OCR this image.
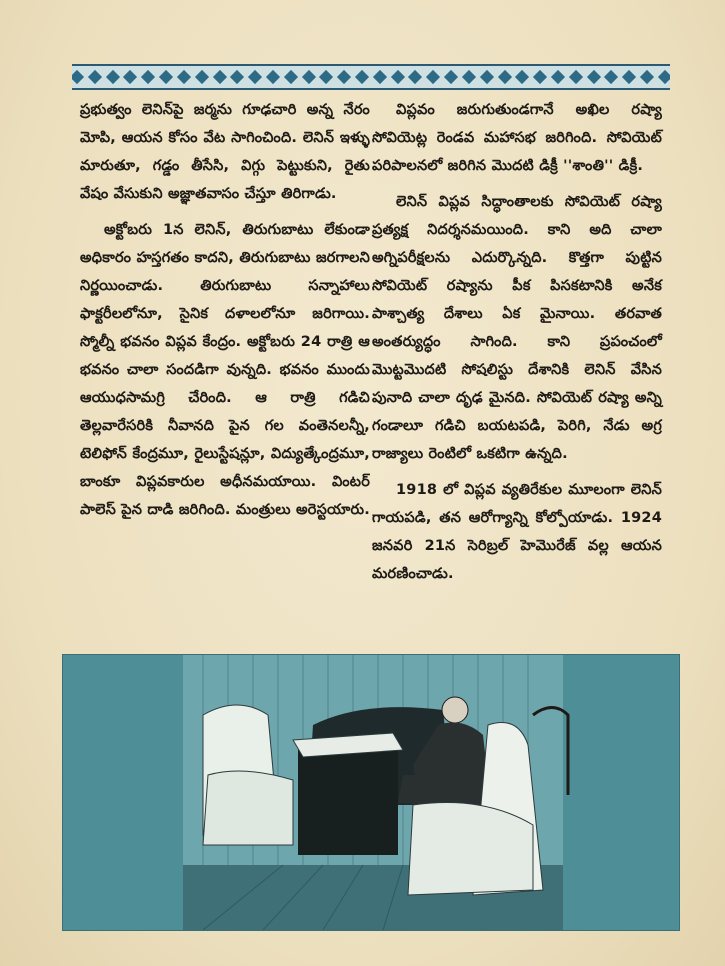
ప్రభుత్వం లెనిన్‌పై జర్మను గూఢచారి అన్న నేరం మోపి, ఆయన కోసం వేట సాగించింది. లెనిన్ ఇళ్ళు మారుతూ, గడ్డం తీసేసి, విగ్గు పెట్టుకుని, రైతు వేషం వేసుకుని అజ్ఞాతవాసం చేస్తూ తిరిగాడు.

అక్టోబరు 1న లెనిన్, తిరుగుబాటు లేకుండా అధికారం హస్తగతం కాదని, తిరుగుబాటు జరగాలని నిర్ణయించాడు. తిరుగుబాటు సన్నాహాలు ఫాక్టరీలలోనూ, సైనిక దళాలలోనూ జరిగాయి. స్మోల్నీ భవనం విప్లవ కేంద్రం. అక్టోబరు 24 రాత్రి ఆ భవనం చాలా సందడిగా వున్నది. భవనం ముందు ఆయుధసామగ్రి చేరింది. ఆ రాత్రి గడిచి తెల్లవారేసరికి నీవానది పైన గల వంతెనలన్నీ, టెలిఫోన్ కేంద్రమూ, రైలుస్టేషన్లూ, విద్యుత్కేంద్రమూ, బాంకూ విప్లవకారుల అధీనమయాయి. వింటర్ పాలెస్ పైన దాడి జరిగింది. మంత్రులు అరెస్టయారు.

విప్లవం జరుగుతుండగానే అఖిల రష్యా సోవియెట్ల రెండవ మహాసభ జరిగింది. సోవియెట్ పరిపాలనలో జరిగిన మొదటి డిక్రీ ''శాంతి'' డిక్రీ.

లెనిన్ విప్లవ సిద్ధాంతాలకు సోవియెట్ రష్యా ప్రత్యక్ష నిదర్శనమయింది. కాని అది చాలా అగ్నిపరీక్షలను ఎదుర్కొన్నది. కొత్తగా పుట్టిన సోవియెట్ రష్యాను పీక పిసకటానికి అనేక పాశ్చాత్య దేశాలు ఏక మైనాయి. తరవాత అంతర్యుద్ధం సాగింది. కాని ప్రపంచంలో మొట్టమొదటి సోషలిస్టు దేశానికి లెనిన్ వేసిన పునాది చాలా దృఢ మైనది. సోవియెట్ రష్యా అన్ని గండాలూ గడిచి బయటపడి, పెరిగి, నేడు అగ్ర రాజ్యాలు రెంటిలో ఒకటిగా ఉన్నది.

1918 లో విప్లవ వ్యతిరేకుల మూలంగా లెనిన్ గాయపడి, తన ఆరోగ్యాన్ని కోల్పోయాడు. 1924 జనవరి 21న సెరిబ్రల్ హెమొరేజ్ వల్ల ఆయన మరణించాడు.
